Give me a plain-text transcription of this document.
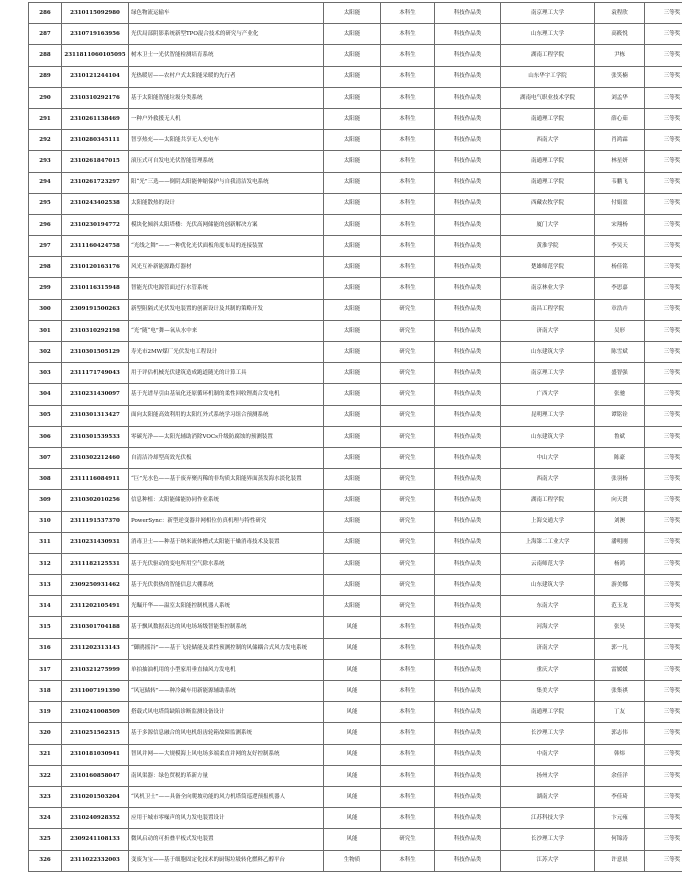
286	2310115092980	绿色物流运输车	太阳能	本科生	科技作品类	南京理工大学	袁程欣	三等奖
287	2310719163956	光伏局部阴影系统新型TPO混合技术的研究与产业化	太阳能	本科生	科技作品类	山东理工大学	高筱悦	三等奖
288	2311811060105095	树木卫士一光伏智能检测培育系统	太阳能	本科生	科技作品类	湖南工程学院	尹栋	三等奖
289	2310121244104	光热暖居——农村户式太阳能采暖的先行者	太阳能	本科生	科技作品类	山东华宇工学院	张笑楠	三等奖
290	2310310292176	基于太阳能智能垃圾分类系统	太阳能	本科生	科技作品类	湖南电气职业技术学院	刘孟华	三等奖
291	2310261138469	一种户外救援无人机	太阳能	本科生	科技作品类	南通理工学院	薛心茹	三等奖
292	2310280345111	智享热充——太阳能共享无人充电车	太阳能	本科生	科技作品类	西南大学	肖鸿霖	三等奖
293	2310261847015	滚压式可自发电光伏智能管理系统	太阳能	本科生	科技作品类	南通理工学院	林星妍	三等奖
294	2310261723297	阳“光”三选——倒阴太阳能伸缩保护与自我清洁发电系统	太阳能	本科生	科技作品类	南通理工学院	韦鹏飞	三等奖
295	2310243402538	太阳能散热的设计	太阳能	本科生	科技作品类	西藏农牧学院	付娟盈	三等奖
296	2310230194772	模块化倾斜太阳塔楼：光伏高网储能的创新解决方案	太阳能	本科生	科技作品类	厦门大学	宋翔杨	三等奖
297	2311160424758	“光线之舞”——一种优化光伏面板角度布局的连接装置	太阳能	本科生	科技作品类	黄淮学院	李吴天	三等奖
298	2310120163176	风光互补新能源路灯器材	太阳能	本科生	科技作品类	楚雄师范学院	杨佳铭	三等奖
299	2310116315948	智能光伏电源管面过行水管系统	太阳能	本科生	科技作品类	南京林业大学	李思嘉	三等奖
300	2309191500263	新型阻隔式光伏发电装置的创新设计及其制的策略开发	太阳能	研究生	科技作品类	南昌工程学院	章浩卉	三等奖
301	2310310292198	“光”随“电”舞—氧从水中来	太阳能	研究生	科技作品类	济南大学	吴形	三等奖
302	2310301505129	寿光市2MW煤厂光伏发电工程设计	太阳能	研究生	科技作品类	山东建筑大学	陈雪斌	三等奖
303	2311171749043	用于评估机械光伏建筑造成跑道随光的计算工具	太阳能	研究生	科技作品类	南京理工大学	盛智强	三等奖
304	2310231430097	基于光谱导引由基氧化还原循环机制的柔性回收锂离合发电机	太阳能	研究生	科技作品类	广西大学	张驰	三等奖
305	2310301313427	面向太阳能高效利用的太阳红外式系统学习组合预测系统	太阳能	研究生	科技作品类	昆明理工大学	谭铭铨	三等奖
306	2310301539533	零碳光净——太阳光辅助消除VOCs升级防腐蚀的预测装置	太阳能	研究生	科技作品类	山东建筑大学	鲁斌	三等奖
307	2310302212460	自清洁冷却型高效光伏板	太阳能	研究生	科技作品类	中山大学	陈豪	三等奖
308	2311116084911	“巨”光水色——基于废弃聚丙稀的非均质太阳能界面蒸发海水淡化装置	太阳能	研究生	科技作品类	西南大学	张羽杨	三等奖
309	2310302010256	信息种植：太阳能储能协同作业系统	太阳能	研究生	科技作品类	湖南工程学院	向天贤	三等奖
310	2311191537370	PowerSync：新型逆变器并网相位仿真机理与特性研究	太阳能	研究生	科技作品类	上海交通大学	刘澳	三等奖
311	2310231430931	消毒卫士——种基于纳米流体槽式太阳能干燥消毒技术及装置	太阳能	研究生	科技作品类	上海第二工业大学	潘明刚	三等奖
312	2311182125531	基于光伏驱动的变电所用空气除水系统	太阳能	研究生	科技作品类	云南师范大学	杨鸿	三等奖
313	2309250931462	基于光伏供热的智能信息大棚系统	太阳能	研究生	科技作品类	山东建筑大学	游美娜	三等奖
314	2311202105491	光瞩开华——温室太阳能控制机器人系统	太阳能	研究生	科技作品类	东南大学	范玉龙	三等奖
315	2310301704188	基于飘风数据表达的风电场场级智能集控制系统	风能	本科生	科技作品类	河海大学	张昊	三等奖
316	2311202313143	“御鸥摇谷”——基于飞轮储能及柔性预测控制的风储耦合式风力发电系统	风能	本科生	科技作品类	济南大学	郭一凡	三等奖
317	2310321275999	单拍抽油机用的小型家用垂直轴风力发电机	风能	本科生	科技作品类	重庆大学	雷媛媛	三等奖
318	2311007191390	“风冠储转”——种冷藏车用新能源辅助系统	风能	本科生	科技作品类	集美大学	张集祺	三等奖
319	2310241008509	搭载式风电塔筒缺陷诊断监测设备设计	风能	本科生	科技作品类	南通理工学院	丁友	三等奖
320	2310251562315	基于多源信息融合的风电机组齿轮箱故障监测系统	风能	本科生	科技作品类	长沙理工大学	郭志伟	三等奖
321	2310181030941	智风并网——大规模海上风电场多端柔直并网的友好控制系统	风能	本科生	科技作品类	中南大学	韩炜	三等奖
322	2310160858047	南风渠器：绿色贸税的革新方量	风能	本科生	科技作品类	扬州大学	余佳洋	三等奖
323	2310201503204	“风机卫士”——具备全向爬坡功能的风力机塔筒巡逻预报机器人	风能	本科生	科技作品类	湖南大学	李佳琦	三等奖
324	2310240928352	应用于城市零噪声的风力发电装置设计	风能	本科生	科技作品类	江苏科技大学	卞元雍	三等奖
325	2309241108133	微风启动的可折叠平板式发电装置	风能	研究生	科技作品类	长沙理工大学	何锦涛	三等奖
326	2311022332003	变废为宝——基于细胞固定化技术的厨锡垃圾转化燃料乙醇平台	生物质	本科生	科技作品类	江苏大学	许意晨	三等奖
